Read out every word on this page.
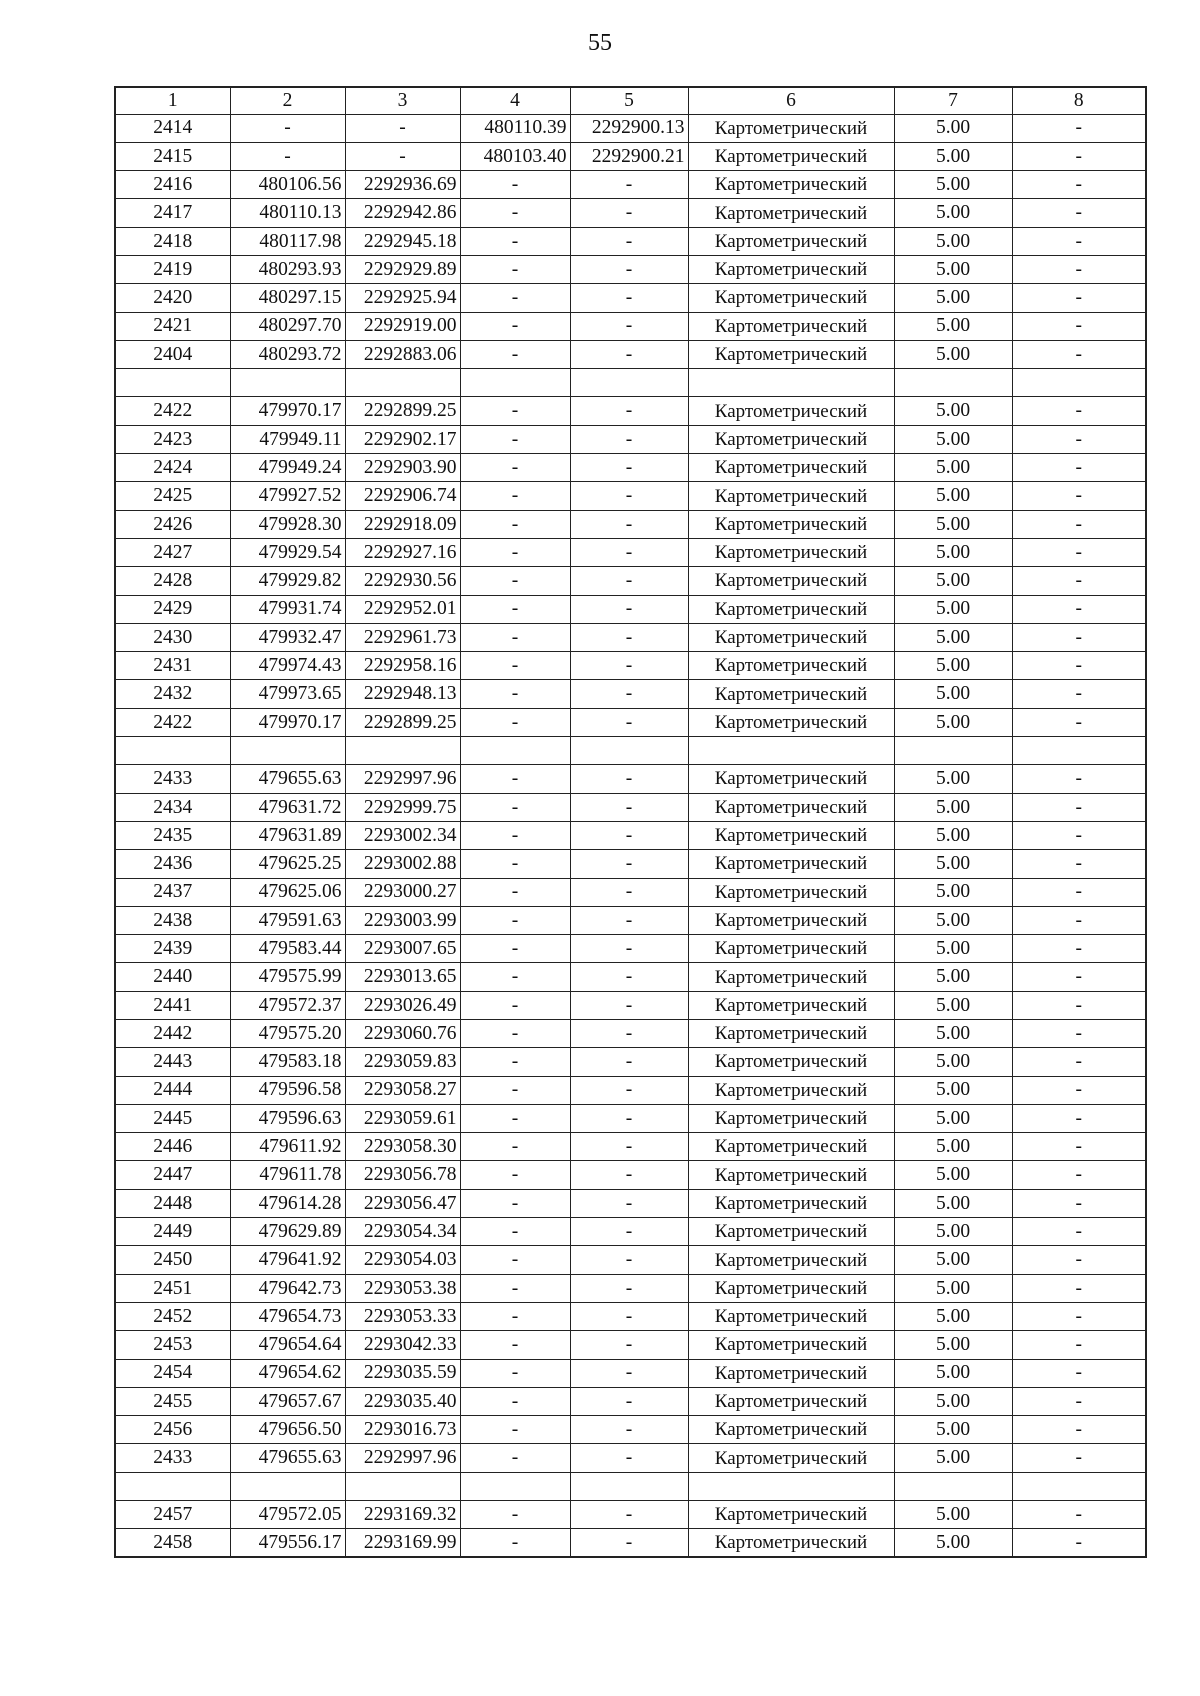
55
1	2	3	4	5	6	7	8
2414	-	-	480110.39	2292900.13	Картометрический	5.00	-
2415	-	-	480103.40	2292900.21	Картометрический	5.00	-
2416	480106.56	2292936.69	-	-	Картометрический	5.00	-
2417	480110.13	2292942.86	-	-	Картометрический	5.00	-
2418	480117.98	2292945.18	-	-	Картометрический	5.00	-
2419	480293.93	2292929.89	-	-	Картометрический	5.00	-
2420	480297.15	2292925.94	-	-	Картометрический	5.00	-
2421	480297.70	2292919.00	-	-	Картометрический	5.00	-
2404	480293.72	2292883.06	-	-	Картометрический	5.00	-

2422	479970.17	2292899.25	-	-	Картометрический	5.00	-
2423	479949.11	2292902.17	-	-	Картометрический	5.00	-
2424	479949.24	2292903.90	-	-	Картометрический	5.00	-
2425	479927.52	2292906.74	-	-	Картометрический	5.00	-
2426	479928.30	2292918.09	-	-	Картометрический	5.00	-
2427	479929.54	2292927.16	-	-	Картометрический	5.00	-
2428	479929.82	2292930.56	-	-	Картометрический	5.00	-
2429	479931.74	2292952.01	-	-	Картометрический	5.00	-
2430	479932.47	2292961.73	-	-	Картометрический	5.00	-
2431	479974.43	2292958.16	-	-	Картометрический	5.00	-
2432	479973.65	2292948.13	-	-	Картометрический	5.00	-
2422	479970.17	2292899.25	-	-	Картометрический	5.00	-

2433	479655.63	2292997.96	-	-	Картометрический	5.00	-
2434	479631.72	2292999.75	-	-	Картометрический	5.00	-
2435	479631.89	2293002.34	-	-	Картометрический	5.00	-
2436	479625.25	2293002.88	-	-	Картометрический	5.00	-
2437	479625.06	2293000.27	-	-	Картометрический	5.00	-
2438	479591.63	2293003.99	-	-	Картометрический	5.00	-
2439	479583.44	2293007.65	-	-	Картометрический	5.00	-
2440	479575.99	2293013.65	-	-	Картометрический	5.00	-
2441	479572.37	2293026.49	-	-	Картометрический	5.00	-
2442	479575.20	2293060.76	-	-	Картометрический	5.00	-
2443	479583.18	2293059.83	-	-	Картометрический	5.00	-
2444	479596.58	2293058.27	-	-	Картометрический	5.00	-
2445	479596.63	2293059.61	-	-	Картометрический	5.00	-
2446	479611.92	2293058.30	-	-	Картометрический	5.00	-
2447	479611.78	2293056.78	-	-	Картометрический	5.00	-
2448	479614.28	2293056.47	-	-	Картометрический	5.00	-
2449	479629.89	2293054.34	-	-	Картометрический	5.00	-
2450	479641.92	2293054.03	-	-	Картометрический	5.00	-
2451	479642.73	2293053.38	-	-	Картометрический	5.00	-
2452	479654.73	2293053.33	-	-	Картометрический	5.00	-
2453	479654.64	2293042.33	-	-	Картометрический	5.00	-
2454	479654.62	2293035.59	-	-	Картометрический	5.00	-
2455	479657.67	2293035.40	-	-	Картометрический	5.00	-
2456	479656.50	2293016.73	-	-	Картометрический	5.00	-
2433	479655.63	2292997.96	-	-	Картометрический	5.00	-

2457	479572.05	2293169.32	-	-	Картометрический	5.00	-
2458	479556.17	2293169.99	-	-	Картометрический	5.00	-
